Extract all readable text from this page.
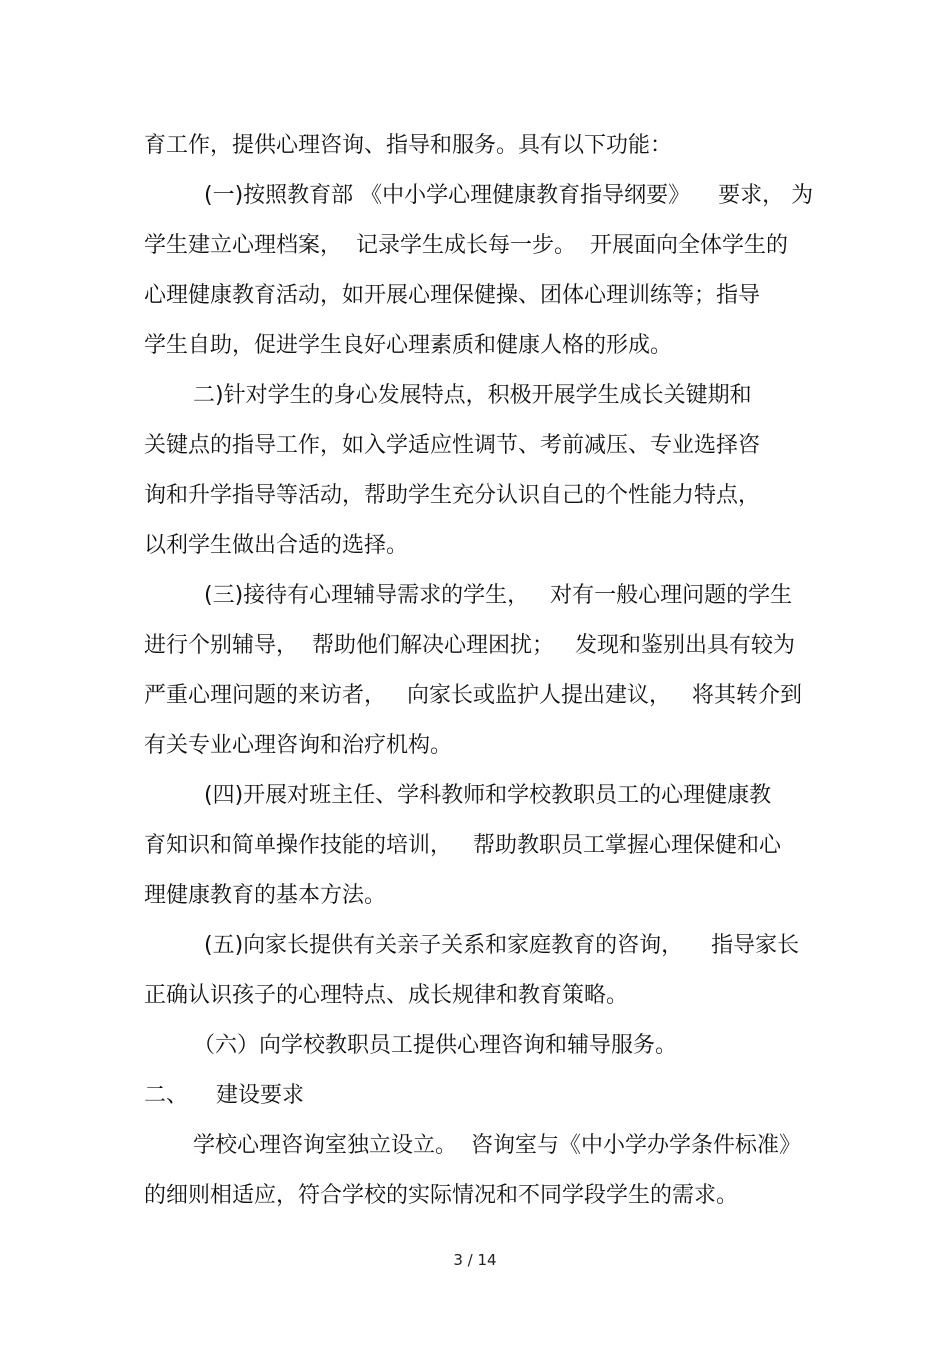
育工作，提供心理咨询、指导和服务。具有以下功能：

(一)按照教育部 《中小学心理健康教育指导纲要》    要求， 为

学生建立心理档案，  记录学生成长每一步。  开展面向全体学生的

心理健康教育活动，如开展心理保健操、团体心理训练等；指导

学生自助，促进学生良好心理素质和健康人格的形成。

二)针对学生的身心发展特点，积极开展学生成长关键期和

关键点的指导工作，如入学适应性调节、考前减压、专业选择咨

询和升学指导等活动，帮助学生充分认识自己的个性能力特点，

以利学生做出合适的选择。

(三)接待有心理辅导需求的学生，   对有一般心理问题的学生

进行个别辅导，  帮助他们解决心理困扰；   发现和鉴别出具有较为

严重心理问题的来访者，   向家长或监护人提出建议，   将其转介到

有关专业心理咨询和治疗机构。

(四)开展对班主任、学科教师和学校教职员工的心理健康教

育知识和简单操作技能的培训，   帮助教职员工掌握心理保健和心

理健康教育的基本方法。

(五)向家长提供有关亲子关系和家庭教育的咨询，    指导家长

正确认识孩子的心理特点、成长规律和教育策略。

（六）向学校教职员工提供心理咨询和辅导服务。

二、    建设要求

学校心理咨询室独立设立。  咨询室与《中小学办学条件标准》

的细则相适应，符合学校的实际情况和不同学段学生的需求。

3 / 14
